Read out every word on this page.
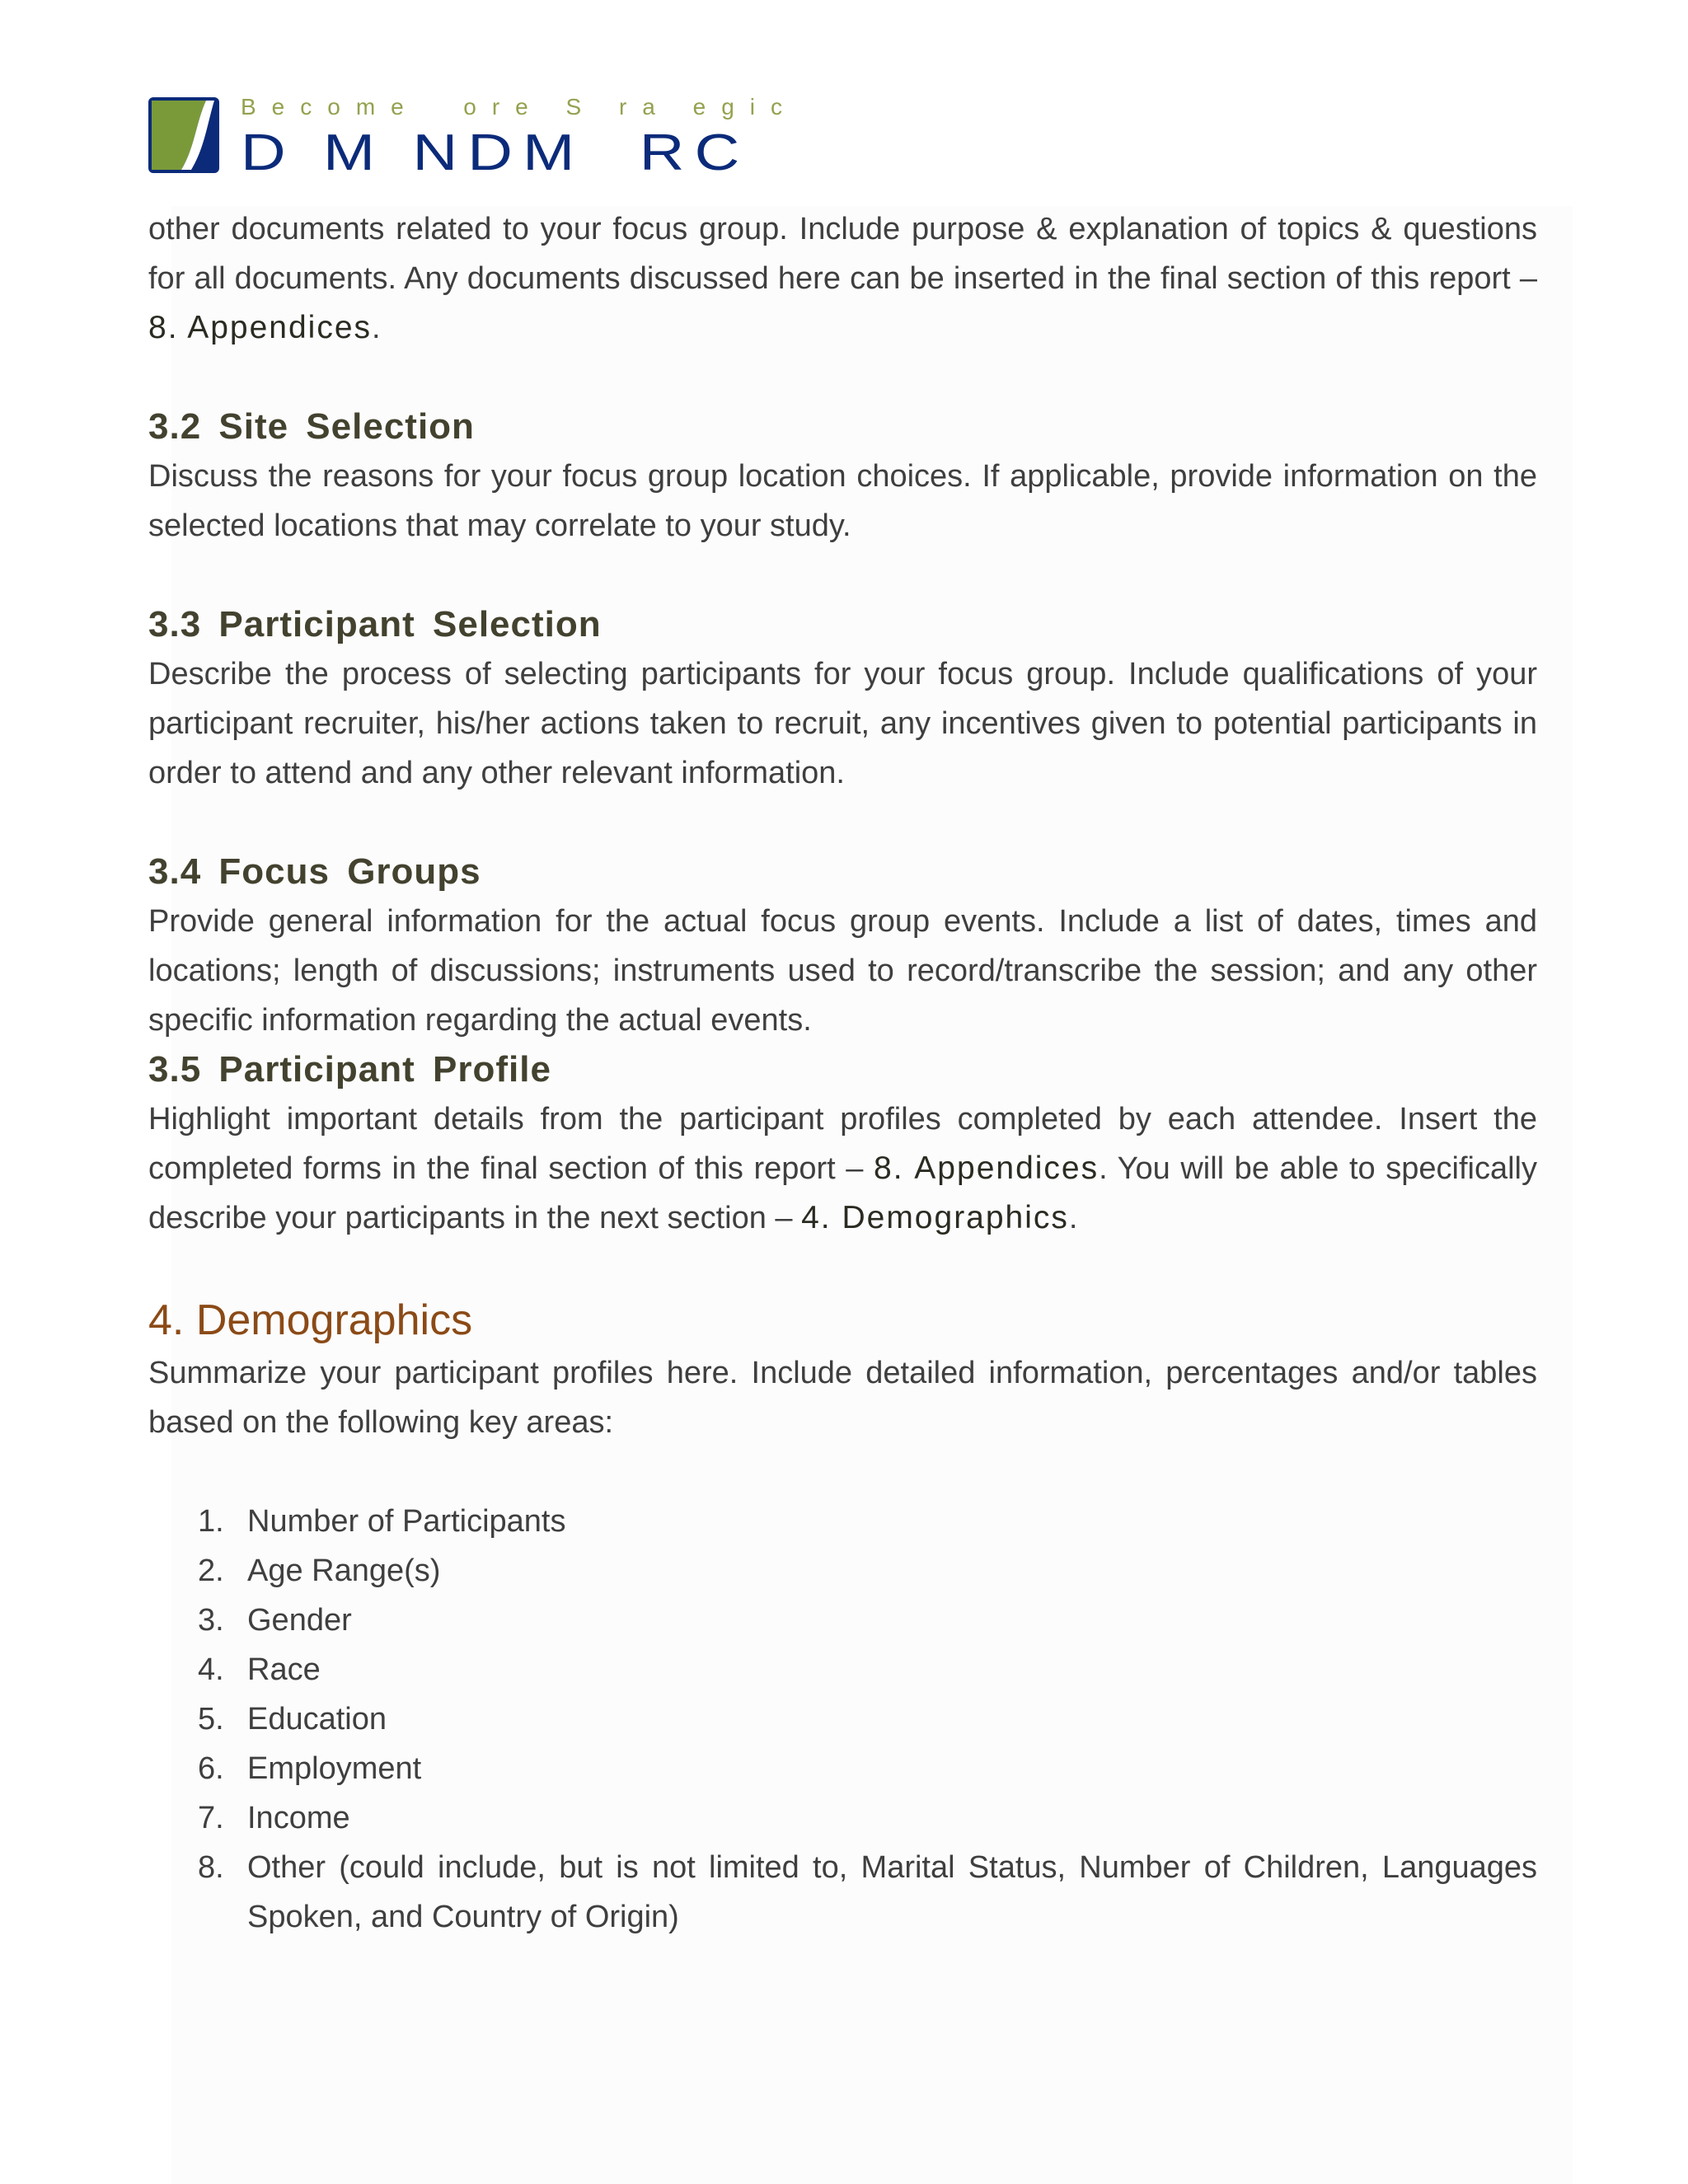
Become  ore S ra egic
D M NDM  RC

other documents related to your focus group. Include purpose & explanation of topics & questions for all documents. Any documents discussed here can be inserted in the final section of this report – 8. Appendices.

3.2 Site Selection

Discuss the reasons for your focus group location choices. If applicable, provide information on the selected locations that may correlate to your study.

3.3 Participant Selection

Describe the process of selecting participants for your focus group. Include qualifications of your participant recruiter, his/her actions taken to recruit, any incentives given to potential participants in order to attend and any other relevant information.

3.4 Focus Groups

Provide general information for the actual focus group events. Include a list of dates, times and locations; length of discussions; instruments used to record/transcribe the session; and any other specific information regarding the actual events.

3.5 Participant Profile

Highlight important details from the participant profiles completed by each attendee. Insert the completed forms in the final section of this report – 8. Appendices. You will be able to specifically describe your participants in the next section – 4. Demographics.

4. Demographics

Summarize your participant profiles here. Include detailed information, percentages and/or tables based on the following key areas:

1. Number of Participants
2. Age Range(s)
3. Gender
4. Race
5. Education
6. Employment
7. Income
8. Other (could include, but is not limited to, Marital Status, Number of Children, Languages Spoken, and Country of Origin)
